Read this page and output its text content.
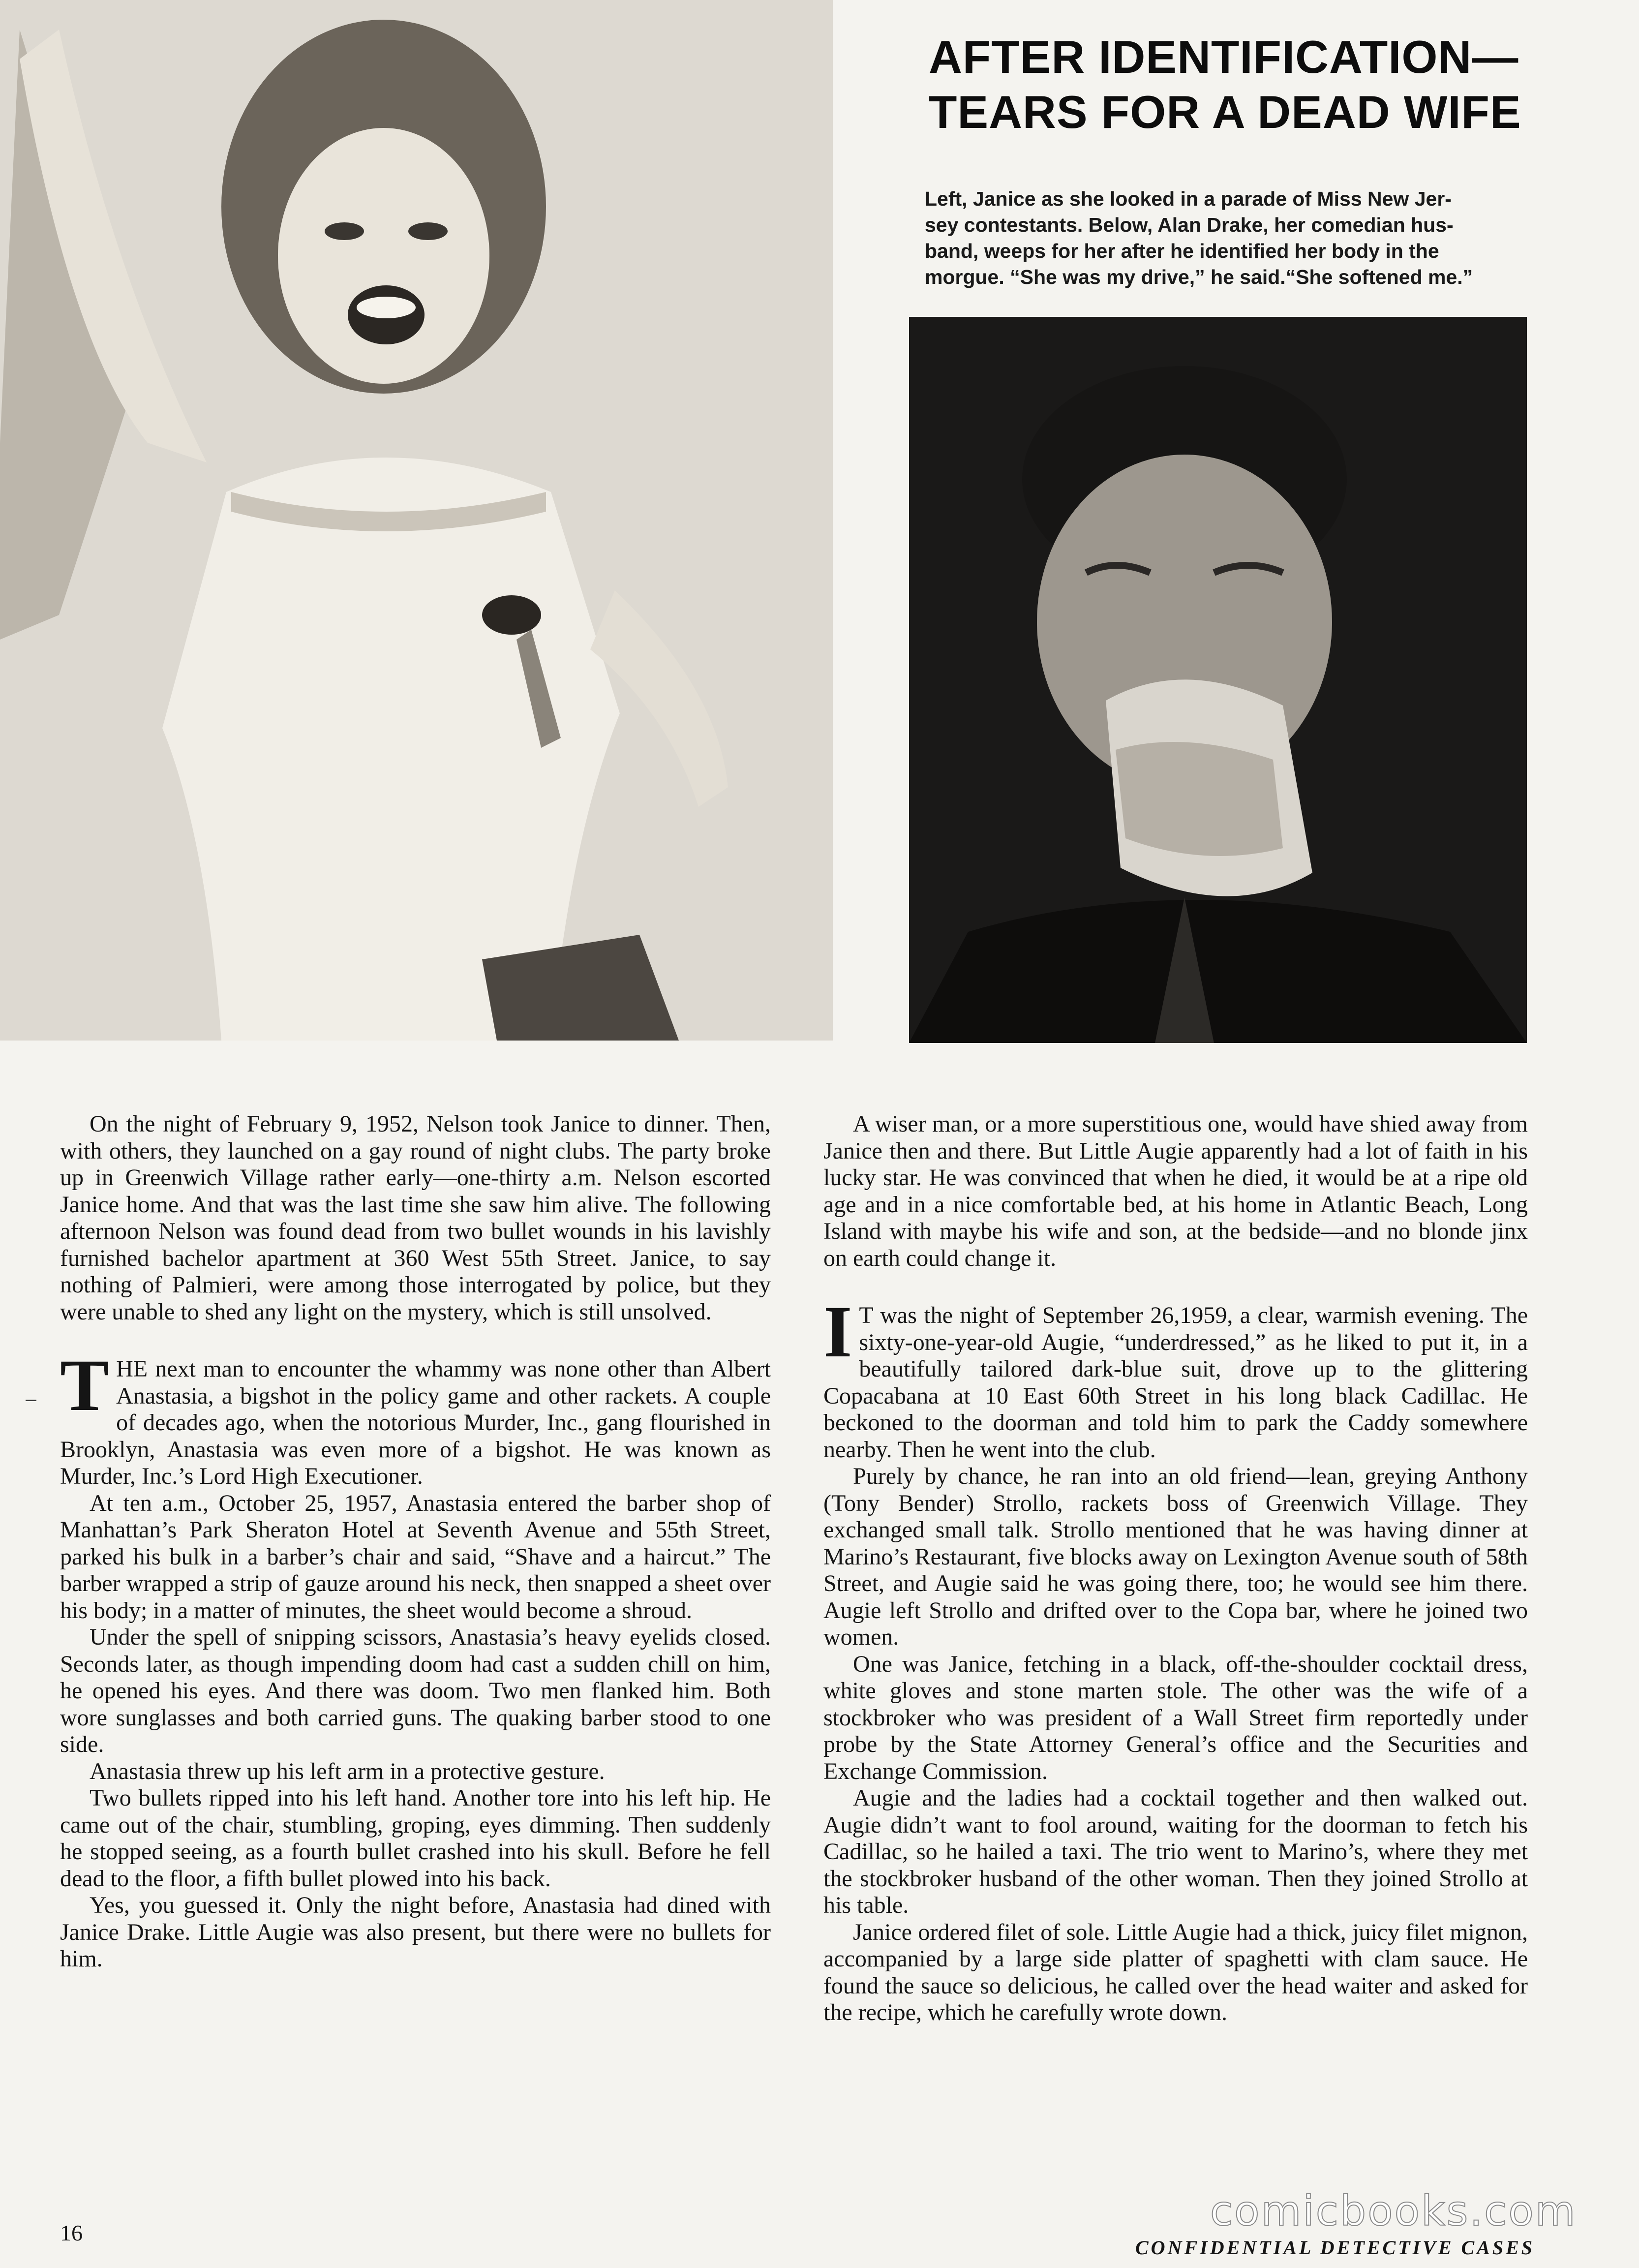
AFTER IDENTIFICATION—
TEARS FOR A DEAD WIFE
Left, Janice as she looked in a parade of Miss New Jer-
sey contestants. Below, Alan Drake, her comedian hus-
band, weeps for her after he identified her body in the
morgue. “She was my drive,” he said.“She softened me.”

On the night of February 9, 1952, Nelson took Janice to dinner. Then, with others, they launched on a gay round of night clubs. The party broke up in Greenwich Village rather early—one-thirty a.m. Nelson escorted Janice home. And that was the last time she saw him alive. The following afternoon Nelson was found dead from two bullet wounds in his lavishly furnished bachelor apartment at 360 West 55th Street. Janice, to say nothing of Palmieri, were among those interrogated by police, but they were unable to shed any light on the mystery, which is still unsolved.

THE next man to encounter the whammy was none other than Albert Anastasia, a bigshot in the policy game and other rackets. A couple of decades ago, when the notorious Murder, Inc., gang flourished in Brooklyn, Anastasia was even more of a bigshot. He was known as Murder, Inc.’s Lord High Executioner.

At ten a.m., October 25, 1957, Anastasia entered the barber shop of Manhattan’s Park Sheraton Hotel at Seventh Avenue and 55th Street, parked his bulk in a barber’s chair and said, “Shave and a haircut.” The barber wrapped a strip of gauze around his neck, then snapped a sheet over his body; in a matter of minutes, the sheet would become a shroud.

Under the spell of snipping scissors, Anastasia’s heavy eyelids closed. Seconds later, as though impending doom had cast a sudden chill on him, he opened his eyes. And there was doom. Two men flanked him. Both wore sunglasses and both carried guns. The quaking barber stood to one side.

Anastasia threw up his left arm in a protective gesture.

Two bullets ripped into his left hand. Another tore into his left hip. He came out of the chair, stumbling, groping, eyes dimming. Then suddenly he stopped seeing, as a fourth bullet crashed into his skull. Before he fell dead to the floor, a fifth bullet plowed into his back.

Yes, you guessed it. Only the night before, Anastasia had dined with Janice Drake. Little Augie was also present, but there were no bullets for him.

A wiser man, or a more superstitious one, would have shied away from Janice then and there. But Little Augie apparently had a lot of faith in his lucky star. He was convinced that when he died, it would be at a ripe old age and in a nice comfortable bed, at his home in Atlantic Beach, Long Island with maybe his wife and son, at the bedside—and no blonde jinx on earth could change it.

I T was the night of September 26,1959, a clear, warmish evening. The sixty-one-year-old Augie, “underdressed,” as he liked to put it, in a beautifully tailored dark-blue suit, drove up to the glittering Copacabana at 10 East 60th Street in his long black Cadillac. He beckoned to the doorman and told him to park the Caddy somewhere nearby. Then he went into the club.

Purely by chance, he ran into an old friend—lean, greying Anthony (Tony Bender) Strollo, rackets boss of Greenwich Village. They exchanged small talk. Strollo mentioned that he was having dinner at Marino’s Restaurant, five blocks away on Lexington Avenue south of 58th Street, and Augie said he was going there, too; he would see him there. Augie left Strollo and drifted over to the Copa bar, where he joined two women.

One was Janice, fetching in a black, off-the-shoulder cocktail dress, white gloves and stone marten stole. The other was the wife of a stockbroker who was president of a Wall Street firm reportedly under probe by the State Attorney General’s office and the Securities and Exchange Commission.

Augie and the ladies had a cocktail together and then walked out. Augie didn’t want to fool around, waiting for the doorman to fetch his Cadillac, so he hailed a taxi. The trio went to Marino’s, where they met the stockbroker husband of the other woman. Then they joined Strollo at his table.

Janice ordered filet of sole. Little Augie had a thick, juicy filet mignon, accompanied by a large side platter of spaghetti with clam sauce. He found the sauce so delicious, he called over the head waiter and asked for the recipe, which he carefully wrote down.

16
CONFIDENTIAL DETECTIVE CASES
comicbooks.com
